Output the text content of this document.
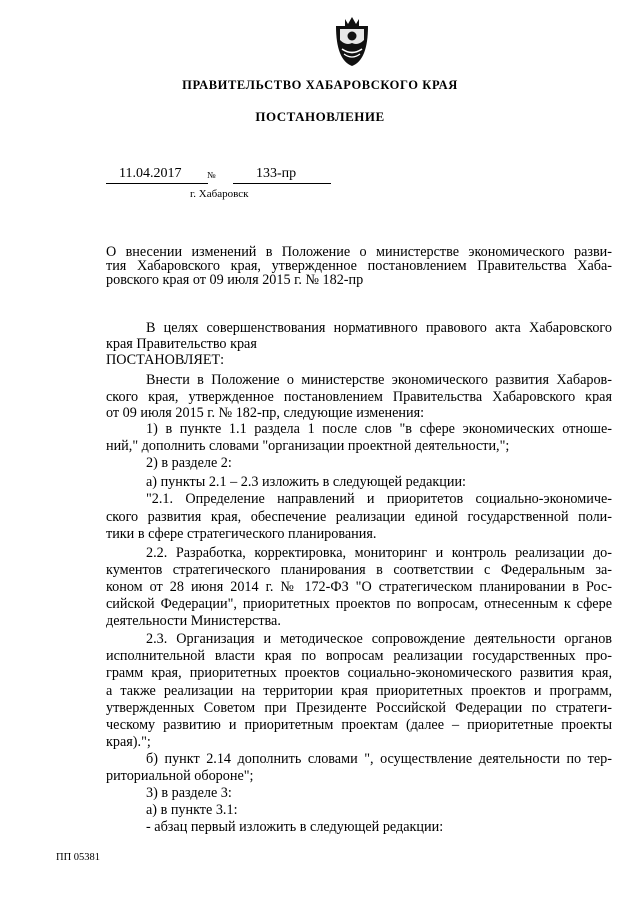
ПРАВИТЕЛЬСТВО ХАБАРОВСКОГО КРАЯ
ПОСТАНОВЛЕНИЕ
11.04.2017	№	133-пр
г. Хабаровск
О внесении изменений в Положение о министерстве экономического разви-
тия Хабаровского края, утвержденное постановлением Правительства Хаба-
ровского края от 09 июля 2015 г. № 182-пр
В целях совершенствования нормативного правового акта Хабаровского
края Правительство края
ПОСТАНОВЛЯЕТ:
Внести в Положение о министерстве экономического развития Хабаров-
ского края, утвержденное постановлением Правительства Хабаровского края
от 09 июля 2015 г. № 182-пр, следующие изменения:
1) в пункте 1.1 раздела 1 после слов "в сфере экономических отноше-
ний," дополнить словами "организации проектной деятельности,";
2) в разделе 2:
а) пункты 2.1 – 2.3 изложить в следующей редакции:
"2.1. Определение направлений и приоритетов социально-экономиче-
ского развития края, обеспечение реализации единой государственной поли-
тики в сфере стратегического планирования.
2.2. Разработка, корректировка, мониторинг и контроль реализации до-
кументов стратегического планирования в соответствии с Федеральным за-
коном от 28 июня 2014 г. № 172-ФЗ "О стратегическом планировании в Рос-
сийской Федерации", приоритетных проектов по вопросам, отнесенным к сфере
деятельности Министерства.
2.3. Организация и методическое сопровождение деятельности органов
исполнительной власти края по вопросам реализации государственных про-
грамм края, приоритетных проектов социально-экономического развития края,
а также реализации на территории края приоритетных проектов и программ,
утвержденных Советом при Президенте Российской Федерации по стратеги-
ческому развитию и приоритетным проектам (далее – приоритетные проекты
края).";
б) пункт 2.14 дополнить словами ", осуществление деятельности по тер-
риториальной обороне";
3) в разделе 3:
а) в пункте 3.1:
- абзац первый изложить в следующей редакции:
ПП 05381
